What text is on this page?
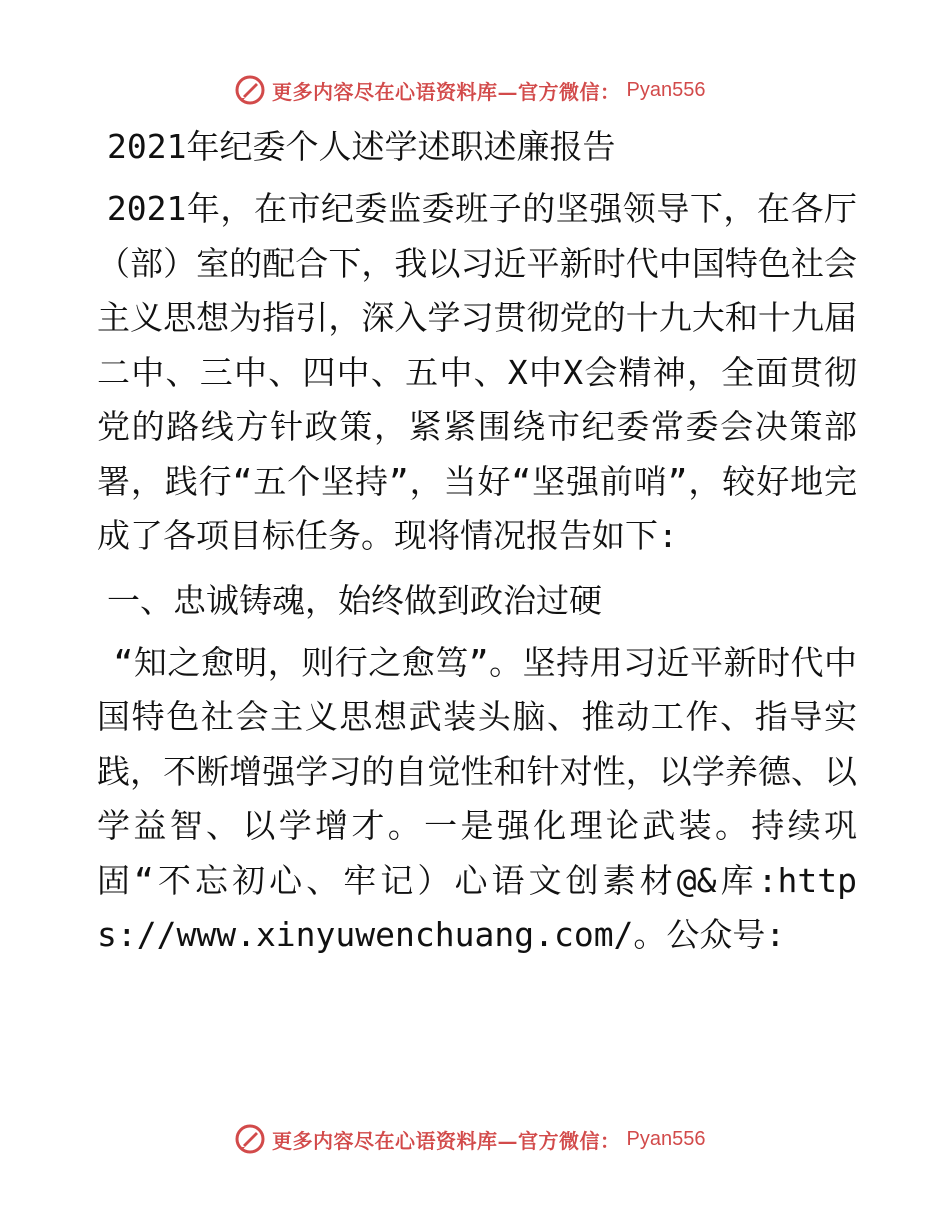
更多内容尽在心语资料库—官方微信： Pyan556
2021年纪委个人述学述职述廉报告

2021年，在市纪委监委班子的坚强领导下，在各厅（部）室的配合下，我以习近平新时代中国特色社会主义思想为指引，深入学习贯彻党的十九大和十九届二中、三中、四中、五中、X中X会精神，全面贯彻党的路线方针政策，紧紧围绕市纪委常委会决策部署，践行“五个坚持”，当好“坚强前哨”，较好地完成了各项目标任务。现将情况报告如下:

一、忠诚铸魂，始终做到政治过硬

“知之愈明，则行之愈笃”。坚持用习近平新时代中国特色社会主义思想武装头脑、推动工作、指导实践，不断增强学习的自觉性和针对性，以学养德、以学益智、以学增才。一是强化理论武装。持续巩固“不忘初心、牢记）心语文创素材@&库:https://www.xinyuwenchuang.com/。公众号:

更多内容尽在心语资料库—官方微信： Pyan556
